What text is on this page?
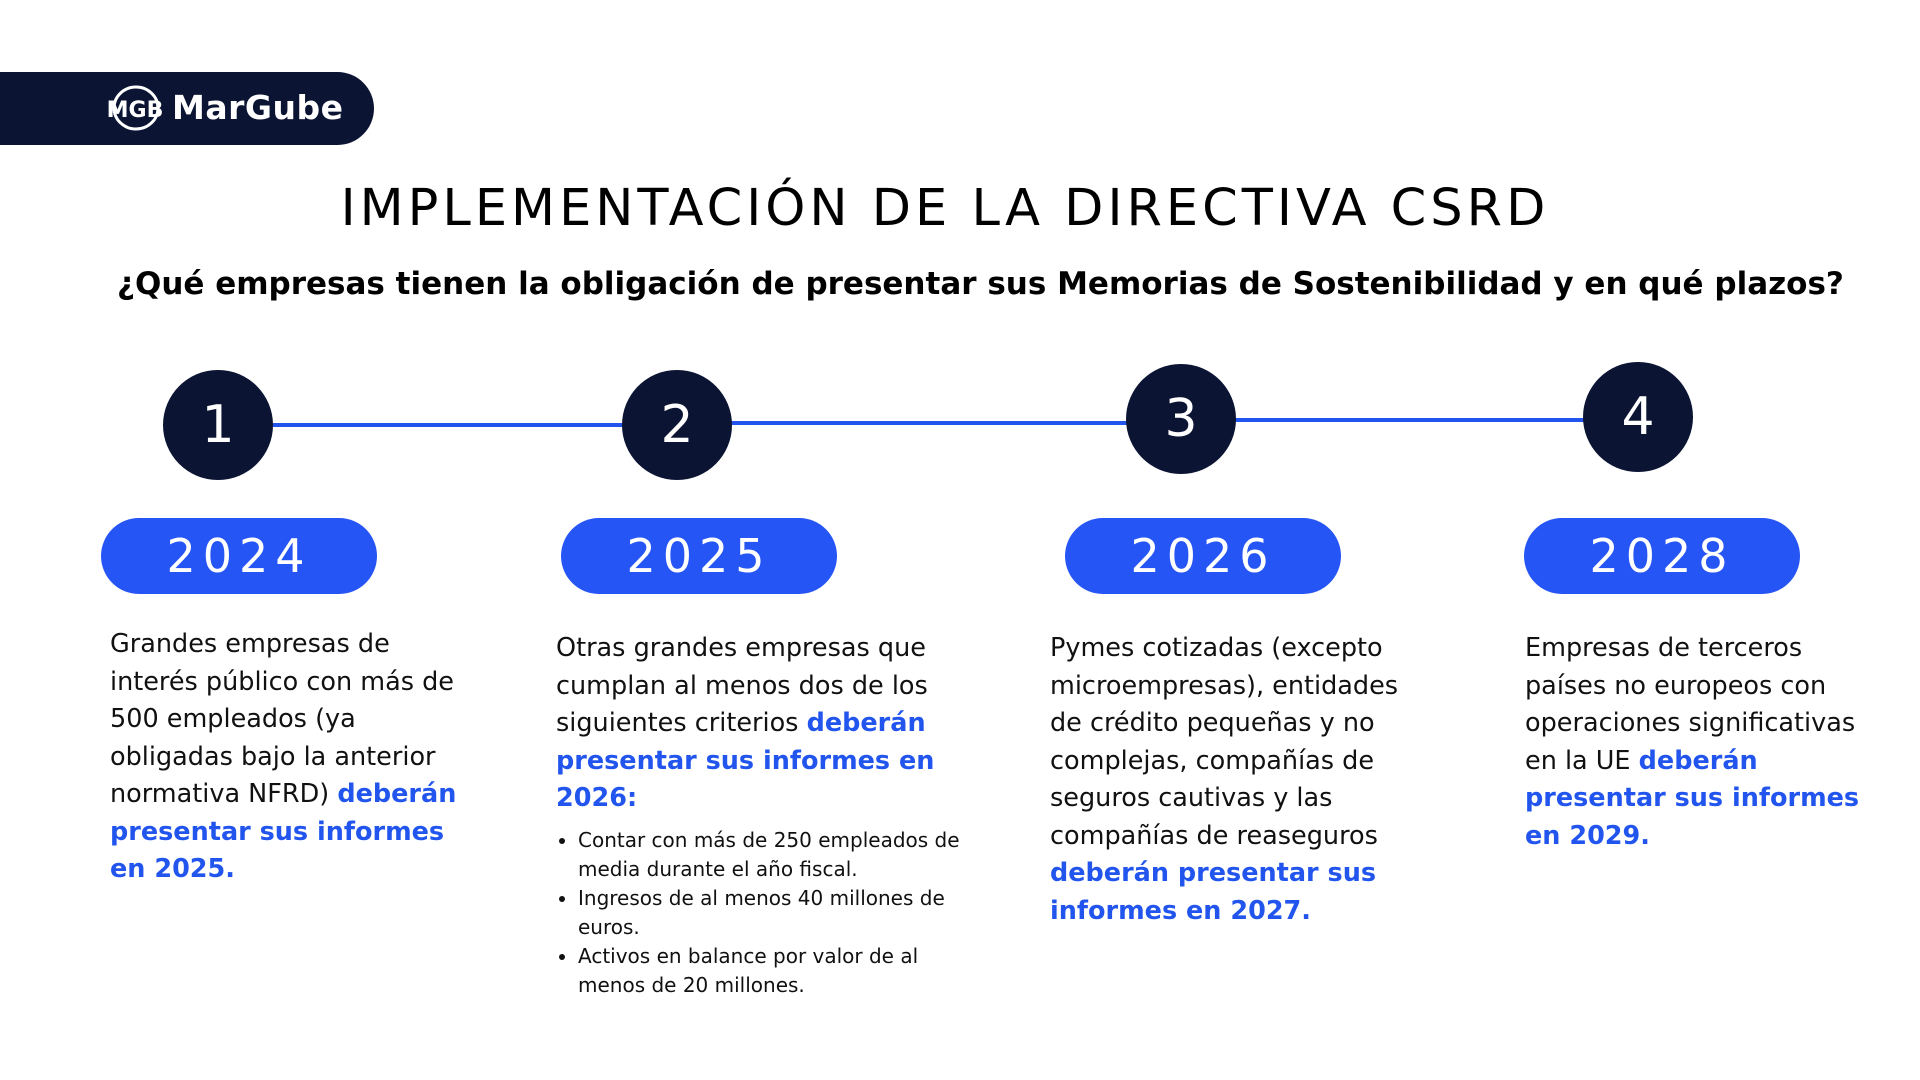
MGB MarGube
IMPLEMENTACIÓN DE LA DIRECTIVA CSRD
¿Qué empresas tienen la obligación de presentar sus Memorias de Sostenibilidad y en qué plazos?
1	2	3	4
2024	2025	2026	2028

Grandes empresas de interés público con más de 500 empleados (ya obligadas bajo la anterior normativa NFRD) deberán presentar sus informes en 2025.

Otras grandes empresas que cumplan al menos dos de los siguientes criterios deberán presentar sus informes en 2026:

• Contar con más de 250 empleados de media durante el año fiscal.
• Ingresos de al menos 40 millones de euros.
• Activos en balance por valor de al menos de 20 millones.

Pymes cotizadas (excepto microempresas), entidades de crédito pequeñas y no complejas, compañías de seguros cautivas y las compañías de reaseguros deberán presentar sus informes en 2027.

Empresas de terceros países no europeos con operaciones significativas en la UE deberán presentar sus informes en 2029.
